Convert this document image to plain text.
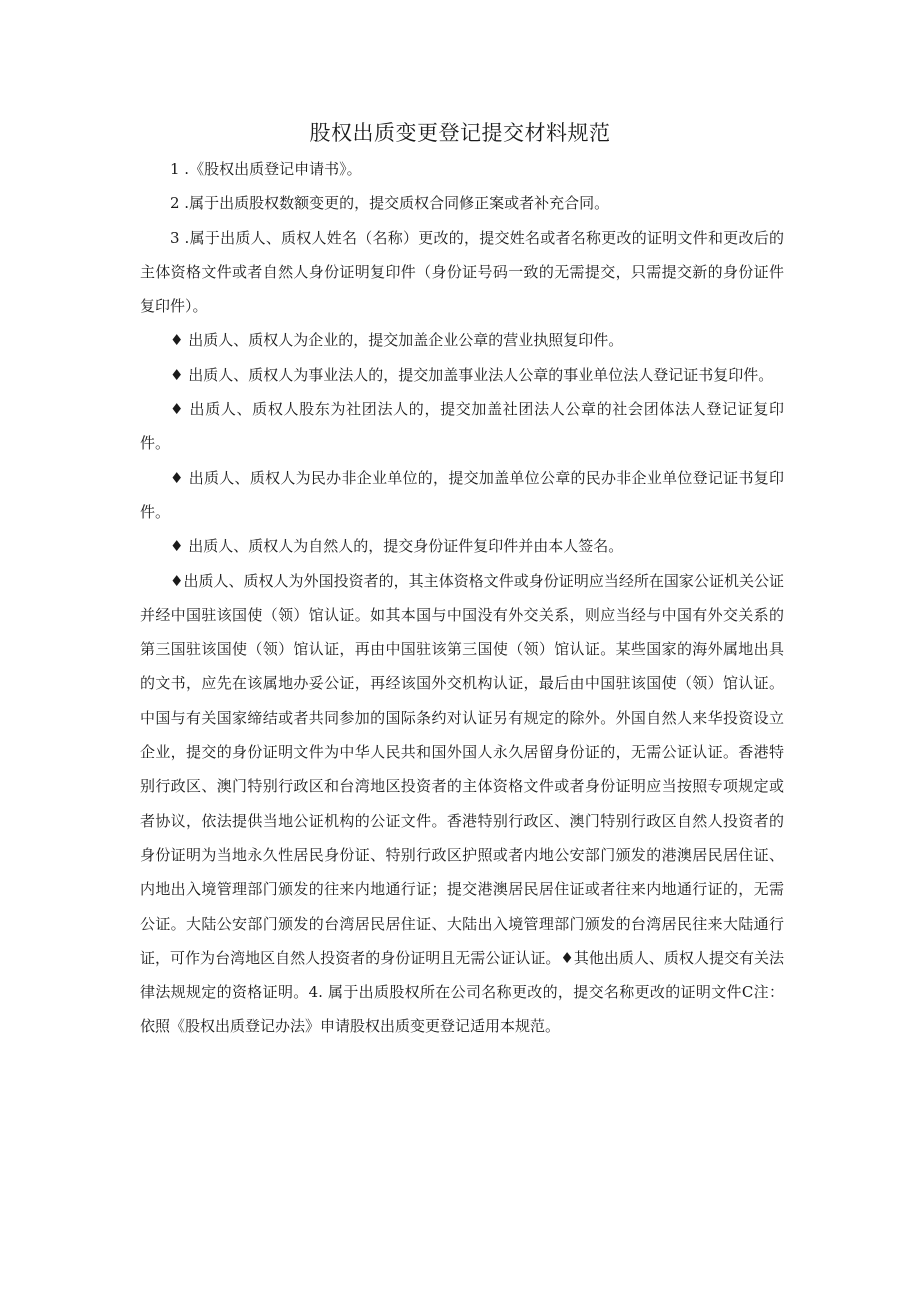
股权出质变更登记提交材料规范

1 .《股权出质登记申请书》。

2 .属于出质股权数额变更的，提交质权合同修正案或者补充合同。

3 .属于出质人、质权人姓名（名称）更改的，提交姓名或者名称更改的证明文件和更改后的主体资格文件或者自然人身份证明复印件（身份证号码一致的无需提交，只需提交新的身份证件复印件）。

♦ 出质人、质权人为企业的，提交加盖企业公章的营业执照复印件。

♦ 出质人、质权人为事业法人的，提交加盖事业法人公章的事业单位法人登记证书复印件。

♦ 出质人、质权人股东为社团法人的，提交加盖社团法人公章的社会团体法人登记证复印件。

♦ 出质人、质权人为民办非企业单位的，提交加盖单位公章的民办非企业单位登记证书复印件。

♦ 出质人、质权人为自然人的，提交身份证件复印件并由本人签名。

♦出质人、质权人为外国投资者的，其主体资格文件或身份证明应当经所在国家公证机关公证并经中国驻该国使（领）馆认证。如其本国与中国没有外交关系，则应当经与中国有外交关系的第三国驻该国使（领）馆认证，再由中国驻该第三国使（领）馆认证。某些国家的海外属地出具的文书，应先在该属地办妥公证，再经该国外交机构认证，最后由中国驻该国使（领）馆认证。中国与有关国家缔结或者共同参加的国际条约对认证另有规定的除外。外国自然人来华投资设立企业，提交的身份证明文件为中华人民共和国外国人永久居留身份证的，无需公证认证。香港特别行政区、澳门特别行政区和台湾地区投资者的主体资格文件或者身份证明应当按照专项规定或者协议，依法提供当地公证机构的公证文件。香港特别行政区、澳门特别行政区自然人投资者的身份证明为当地永久性居民身份证、特别行政区护照或者内地公安部门颁发的港澳居民居住证、内地出入境管理部门颁发的往来内地通行证；提交港澳居民居住证或者往来内地通行证的，无需公证。大陆公安部门颁发的台湾居民居住证、大陆出入境管理部门颁发的台湾居民往来大陆通行证，可作为台湾地区自然人投资者的身份证明且无需公证认证。♦其他出质人、质权人提交有关法律法规规定的资格证明。4. 属于出质股权所在公司名称更改的，提交名称更改的证明文件C注：依照《股权出质登记办法》申请股权出质变更登记适用本规范。
